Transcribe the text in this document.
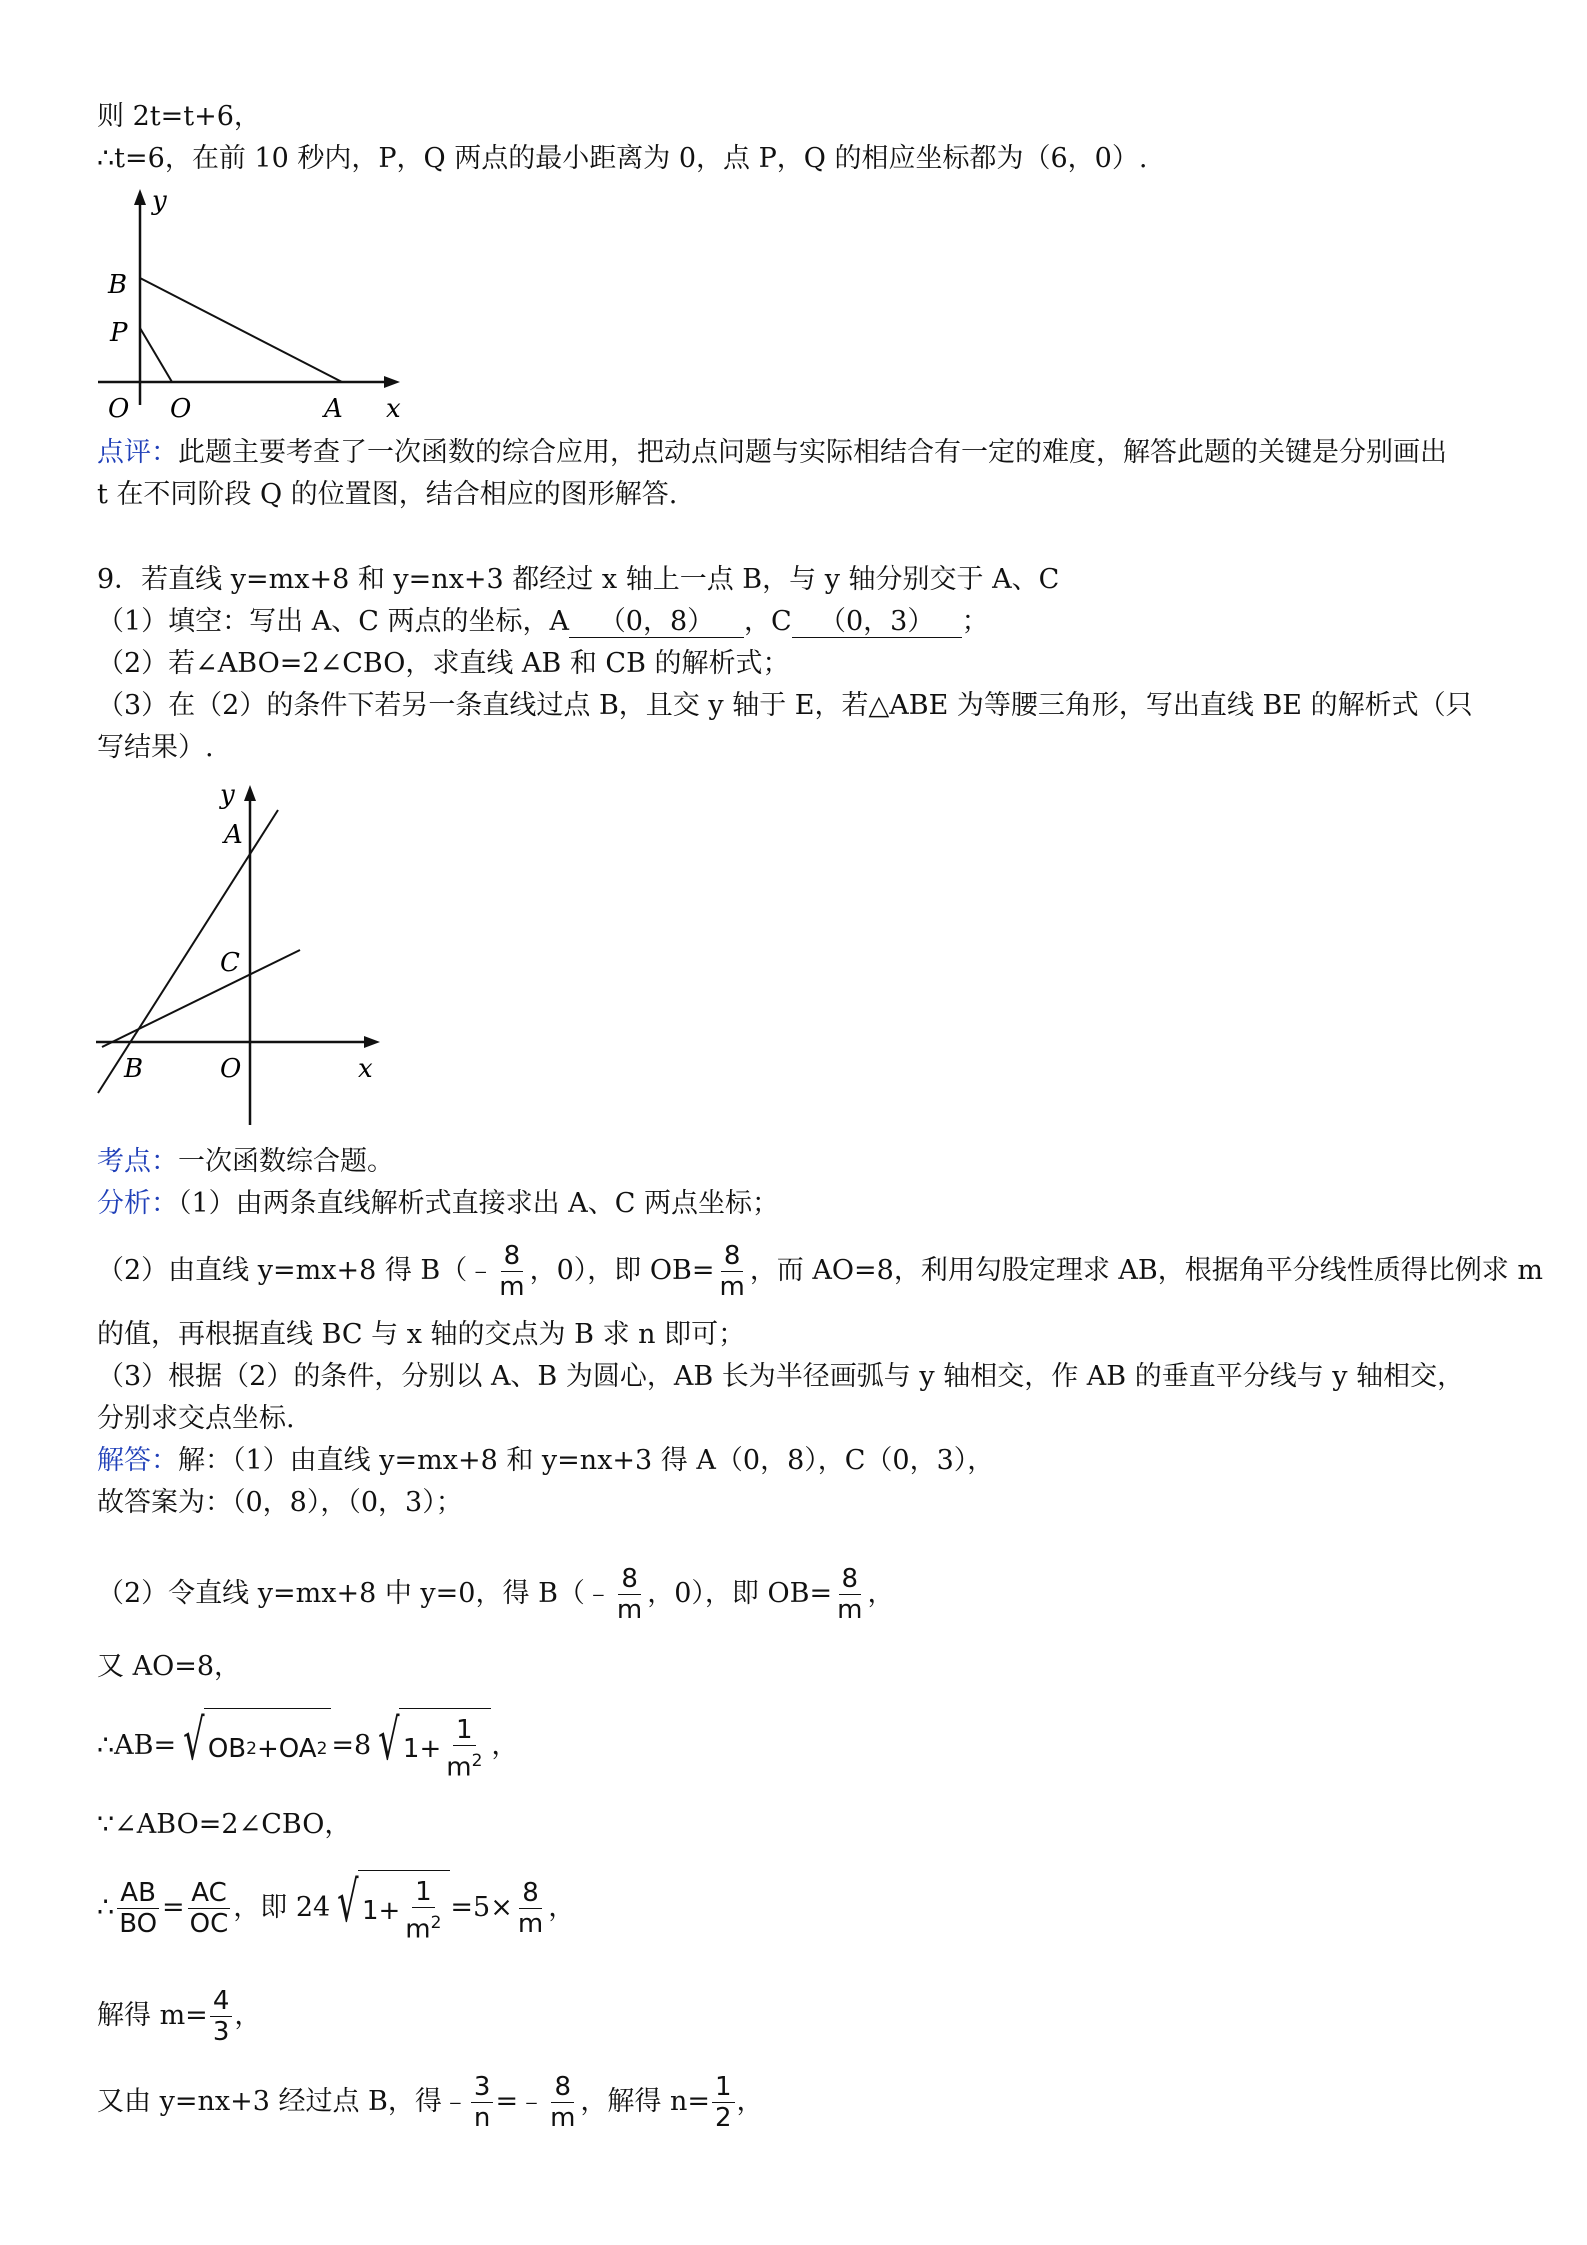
则 2t=t+6，
∴t=6，在前 10 秒内，P，Q 两点的最小距离为 0，点 P，Q 的相应坐标都为（6，0）.
y
B
P
O O	A x
点评：此题主要考查了一次函数的综合应用，把动点问题与实际相结合有一定的难度，解答此题的关键是分别画出
t 在不同阶段 Q 的位置图，结合相应的图形解答.
9．若直线 y=mx+8 和 y=nx+3 都经过 x 轴上一点 B，与 y 轴分别交于 A、C
（1）填空：写出 A、C 两点的坐标，A （0，8） ，C （0，3） ；
（2）若∠ABO=2∠CBO，求直线 AB 和 CB 的解析式；
（3）在（2）的条件下若另一条直线过点 B，且交 y 轴于 E，若△ABE 为等腰三角形，写出直线 BE 的解析式（只
写结果）.
y
A
C
B	O	x
考点：一次函数综合题。
分析：（1）由两条直线解析式直接求出 A、C 两点坐标；
（2）由直线 y=mx+8 得 B（﹣ $\frac{8}{m}$ ，0），即 $OB= \frac{8}{m}$ ，而 AO=8，利用勾股定理求 AB，根据角平分线性质得比例求 m
的值，再根据直线 BC 与 x 轴的交点为 B 求 n 即可；
（3）根据（2）的条件，分别以 A、B 为圆心，AB 长为半径画弧与 y 轴相交，作 AB 的垂直平分线与 y 轴相交，
分别求交点坐标.
解答：解：（1）由直线 y=mx+8 和 y=nx+3 得 A（0，8），C（0，3），
故答案为：（0，8），（0，3）；
（2）令直线 y=mx+8 中 y=0，得 B（﹣ $\frac{8}{m}$ ，0），即 $OB= \frac{8}{m}$ ，
又 AO=8，
∴AB= √ OB 2 + OA 2 =8 √ $1+ \frac{1}{m^2}$ ，
∵∠ABO=2∠CBO，
∴ $\frac{AB}{BO} = \frac{AC}{OC}$ ，即 24 √ $1+ \frac{1}{m^2} =5\times \frac{8}{m}$ ，
解得 $m= \frac{4}{3}$ ，
又由 y=nx+3 经过点 B，得﹣ $\frac{3}{n}$ =﹣ $\frac{8}{m}$ ，解得 $n= \frac{1}{2}$ ，
